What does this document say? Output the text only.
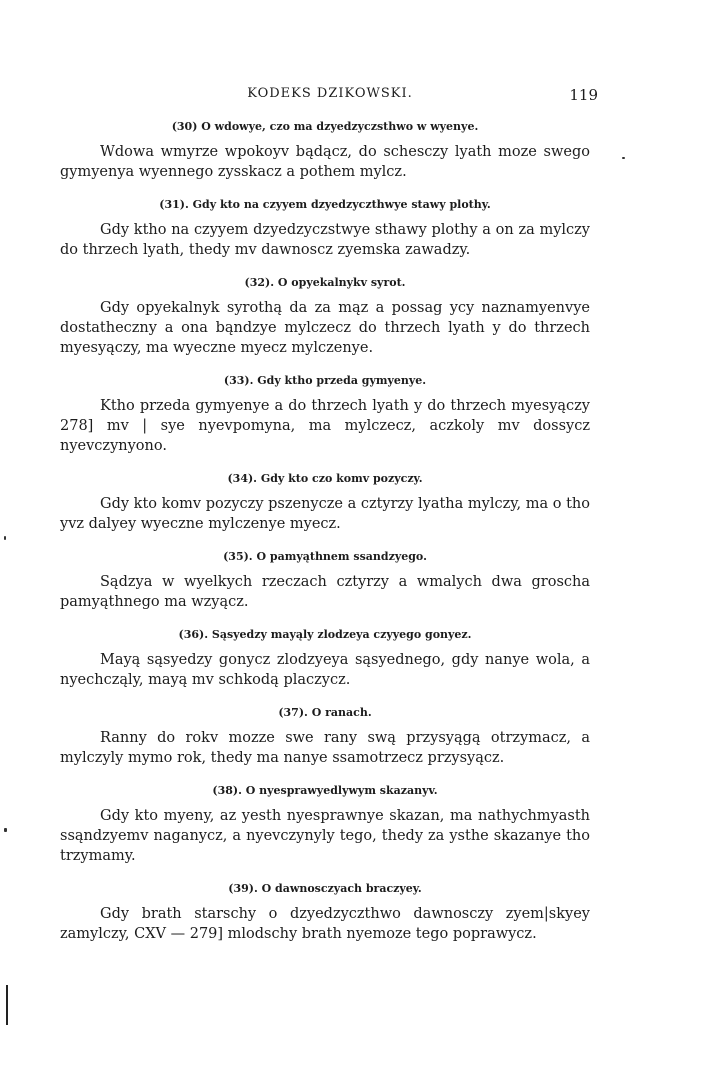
KODEKS DZIKOWSKI.	119
(30) O wdowye, czo ma dzyedzyczsthwo w wyenye.

Wdowa wmyrze wpokoyv bądącz, do schesczy lyath moze swego gymyenya wyennego zysskacz a pothem mylcz.

(31). Gdy kto na czyyem dzyedzyczthwye stawy plothy.

Gdy ktho na czyyem dzyedzyczstwye sthawy plothy a on za mylczy do thrzech lyath, thedy mv dawnoscz zyemska zawadzy.

(32). O opyekalnykv syrot.

Gdy opyekalnyk syrothą da za mąz a possag ycy naznamyenvye dostatheczny a ona bąndzye mylczecz do thrzech lyath y do thrzech myesyączy, ma wyeczne myecz mylczenye.

(33). Gdy ktho przeda gymyenye.

Ktho przeda gymyenye a do thrzech lyath y do thrzech myesyączy 278] mv | sye nyevpomyna, ma mylczecz, aczkoly mv dossycz nyevczynyono.

(34). Gdy kto czo komv pozyczy.

Gdy kto komv pozyczy pszenycze a cztyrzy lyatha mylczy, ma o tho yvz dalyey wyeczne mylczenye myecz.

(35). O pamyąthnem ssandzyego.

Sądzya w wyelkych rzeczach cztyrzy a wmalych dwa groscha pamyąthnego ma wzyącz.

(36). Sąsyedzy mayąly zlodzeya czyyego gonyez.

Mayą sąsyedzy gonycz zlodzyeya sąsyednego, gdy nanye wola, a nyechcząly, mayą mv schkodą placzycz.

(37). O ranach.

Ranny do rokv mozze swe rany swą przysyągą otrzymacz, a mylczyly mymo rok, thedy ma nanye ssamotrzecz przysyącz.

(38). O nyesprawyedlywym skazanyv.

Gdy kto myeny, az yesth nyesprawnye skazan, ma nathychmyasth ssąndzyemv naganycz, a nyevczynyly tego, thedy za ysthe skazanye tho trzymamy.

(39). O dawnosczyach braczyey.

Gdy brath starschy o dzyedzyczthwo dawnosczy zyem|skyey zamylczy, CXV — 279] mlodschy brath nyemoze tego poprawycz.
